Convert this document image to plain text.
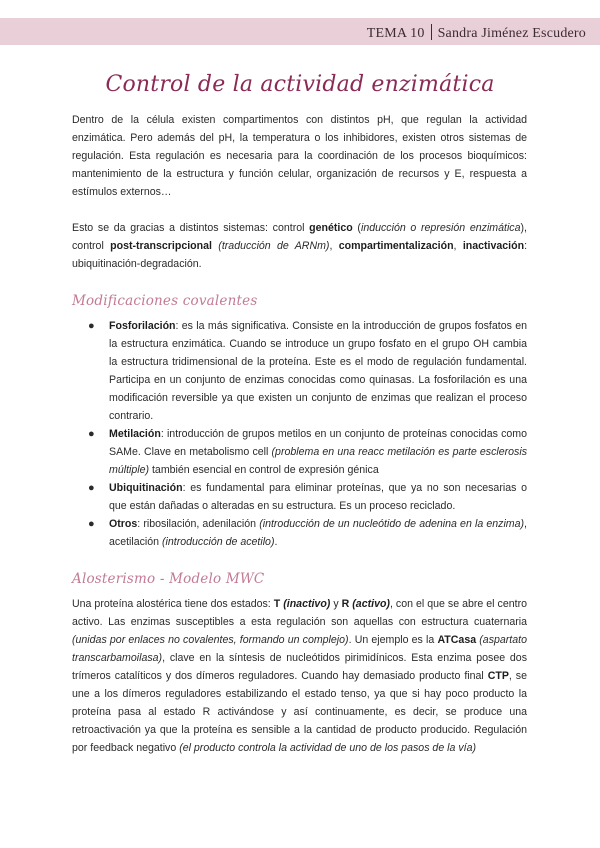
TEMA 10 Sandra Jiménez Escudero
Control de la actividad enzimática

Dentro de la célula existen compartimentos con distintos pH, que regulan la actividad enzimática. Pero además del pH, la temperatura o los inhibidores, existen otros sistemas de regulación. Esta regulación es necesaria para la coordinación de los procesos bioquímicos: mantenimiento de la estructura y función celular, organización de recursos y E, respuesta a estímulos externos…

Esto se da gracias a distintos sistemas: control genético (inducción o represión enzimática), control post-transcripcional (traducción de ARNm), compartimentalización, inactivación: ubiquitinación-degradación.

Modificaciones covalentes
● Fosforilación: es la más significativa. Consiste en la introducción de grupos fosfatos en la estructura enzimática. Cuando se introduce un grupo fosfato en el grupo OH cambia la estructura tridimensional de la proteína. Este es el modo de regulación fundamental. Participa en un conjunto de enzimas conocidas como quinasas. La fosforilación es una modificación reversible ya que existen un conjunto de enzimas que realizan el proceso contrario.
● Metilación: introducción de grupos metilos en un conjunto de proteínas conocidas como SAMe. Clave en metabolismo cell (problema en una reacc metilación es parte esclerosis múltiple) también esencial en control de expresión génica
● Ubiquitinación: es fundamental para eliminar proteínas, que ya no son necesarias o que están dañadas o alteradas en su estructura. Es un proceso reciclado.
● Otros: ribosilación, adenilación (introducción de un nucleótido de adenina en la enzima), acetilación (introducción de acetilo).
Alosterismo - Modelo MWC

Una proteína alostérica tiene dos estados: T (inactivo) y R (activo), con el que se abre el centro activo. Las enzimas susceptibles a esta regulación son aquellas con estructura cuaternaria (unidas por enlaces no covalentes, formando un complejo). Un ejemplo es la ATCasa (aspartato transcarbamoilasa), clave en la síntesis de nucleótidos pirimidínicos. Esta enzima posee dos trímeros catalíticos y dos dímeros reguladores. Cuando hay demasiado producto final CTP, se une a los dímeros reguladores estabilizando el estado tenso, ya que si hay poco producto la proteína pasa al estado R activándose y así continuamente, es decir, se produce una retroactivación ya que la proteína es sensible a la cantidad de producto producido. Regulación por feedback negativo (el producto controla la actividad de uno de los pasos de la vía)
